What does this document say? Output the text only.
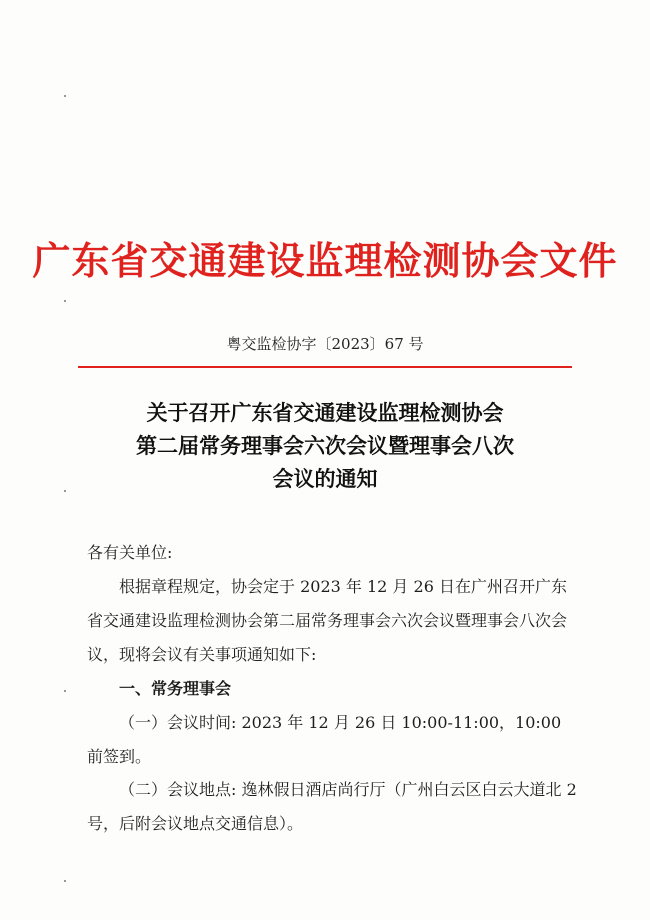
广东省交通建设监理检测协会文件
粤交监检协字〔2023〕67 号
关于召开广东省交通建设监理检测协会
第二届常务理事会六次会议暨理事会八次
会议的通知
各有关单位:
根据章程规定，协会定于 2023 年 12 月 26 日在广州召开广东省交通建设监理检测协会第二届常务理事会六次会议暨理事会八次会议，现将会议有关事项通知如下:
一、常务理事会
（一）会议时间: 2023 年 12 月 26 日 10:00-11:00，10:00 前签到。
（二）会议地点: 逸林假日酒店尚行厅（广州白云区白云大道北 2 号，后附会议地点交通信息）。
